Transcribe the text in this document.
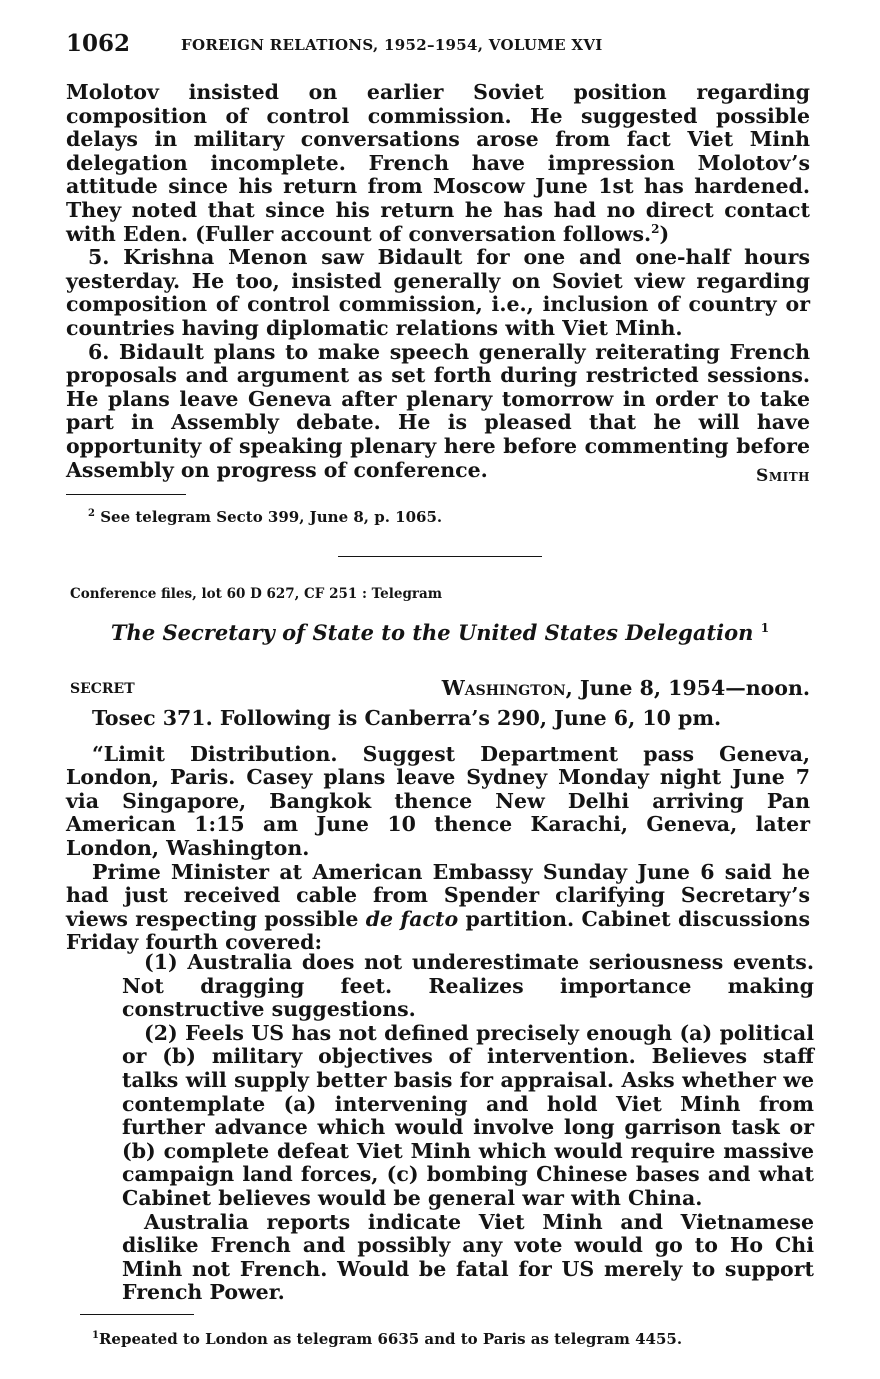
1062	FOREIGN RELATIONS, 1952–1954, VOLUME XVI

Molotov insisted on earlier Soviet position regarding composition of control commission. He suggested possible delays in military conversations arose from fact Viet Minh delegation incomplete. French have impression Molotov’s attitude since his return from Moscow June 1st has hardened. They noted that since his return he has had no direct contact with Eden. (Fuller account of conversation follows.$^2$)

5. Krishna Menon saw Bidault for one and one-half hours yesterday. He too, insisted generally on Soviet view regarding composition of control commission, i.e., inclusion of country or countries having diplomatic relations with Viet Minh.

6. Bidault plans to make speech generally reiterating French proposals and argument as set forth during restricted sessions. He plans leave Geneva after plenary tomorrow in order to take part in Assembly debate. He is pleased that he will have opportunity of speaking plenary here before commenting before Assembly on progress of conference.	Smith
$^2$ See telegram Secto 399, June 8, p. 1065.
Conference files, lot 60 D 627, CF 251 : Telegram
The Secretary of State to the United States Delegation $^1$
SECRET	Washington, June 8, 1954—noon.

Tosec 371. Following is Canberra’s 290, June 6, 10 pm.

“Limit Distribution. Suggest Department pass Geneva, London, Paris. Casey plans leave Sydney Monday night June 7 via Singapore, Bangkok thence New Delhi arriving Pan American 1:15 am June 10 thence Karachi, Geneva, later London, Washington.

Prime Minister at American Embassy Sunday June 6 said he had just received cable from Spender clarifying Secretary’s views respecting possible de facto partition. Cabinet discussions Friday fourth covered:

(1) Australia does not underestimate seriousness events. Not dragging feet. Realizes importance making constructive suggestions.

(2) Feels US has not defined precisely enough (a) political or (b) military objectives of intervention. Believes staff talks will supply better basis for appraisal. Asks whether we contemplate (a) intervening and hold Viet Minh from further advance which would involve long garrison task or (b) complete defeat Viet Minh which would require massive campaign land forces, (c) bombing Chinese bases and what Cabinet believes would be general war with China.

Australia reports indicate Viet Minh and Vietnamese dislike French and possibly any vote would go to Ho Chi Minh not French. Would be fatal for US merely to support French Power.

$^1$Repeated to London as telegram 6635 and to Paris as telegram 4455.
